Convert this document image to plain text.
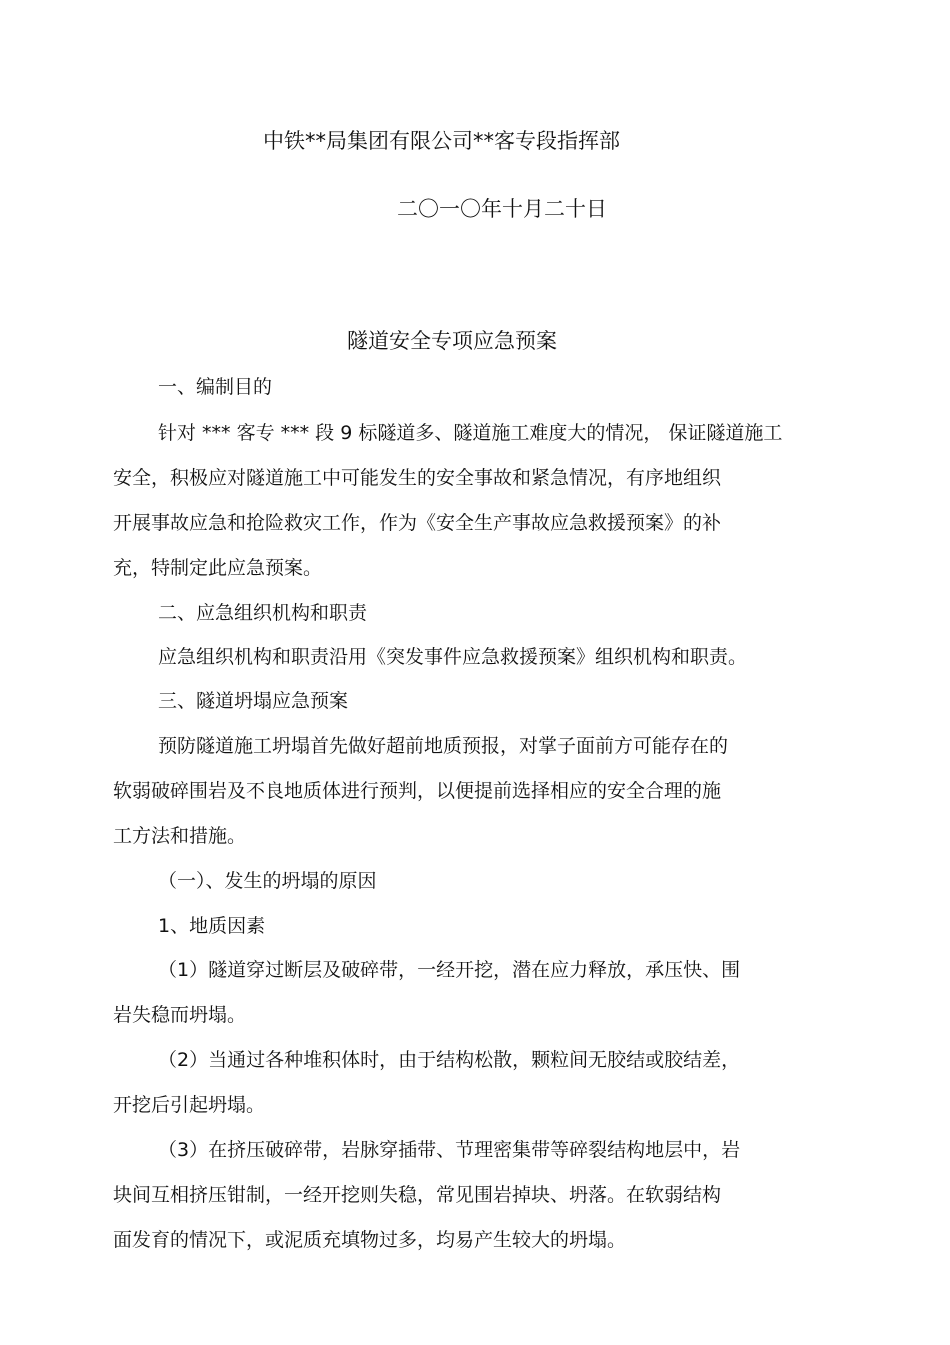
中铁**局集团有限公司**客专段指挥部
二〇一〇年十月二十日
隧道安全专项应急预案
一、编制目的
针对 *** 客专 *** 段 9 标隧道多、隧道施工难度大的情况， 保证隧道施工
安全，积极应对隧道施工中可能发生的安全事故和紧急情况，有序地组织
开展事故应急和抢险救灾工作，作为《安全生产事故应急救援预案》的补
充，特制定此应急预案。
二、应急组织机构和职责
应急组织机构和职责沿用《突发事件应急救援预案》组织机构和职责。
三、隧道坍塌应急预案
预防隧道施工坍塌首先做好超前地质预报，对掌子面前方可能存在的
软弱破碎围岩及不良地质体进行预判，以便提前选择相应的安全合理的施
工方法和措施。
（一）、发生的坍塌的原因
1、地质因素
（1）隧道穿过断层及破碎带，一经开挖，潜在应力释放，承压快、围
岩失稳而坍塌。
（2）当通过各种堆积体时，由于结构松散，颗粒间无胶结或胶结差，
开挖后引起坍塌。
（3）在挤压破碎带，岩脉穿插带、节理密集带等碎裂结构地层中，岩
块间互相挤压钳制，一经开挖则失稳，常见围岩掉块、坍落。在软弱结构
面发育的情况下，或泥质充填物过多，均易产生较大的坍塌。
